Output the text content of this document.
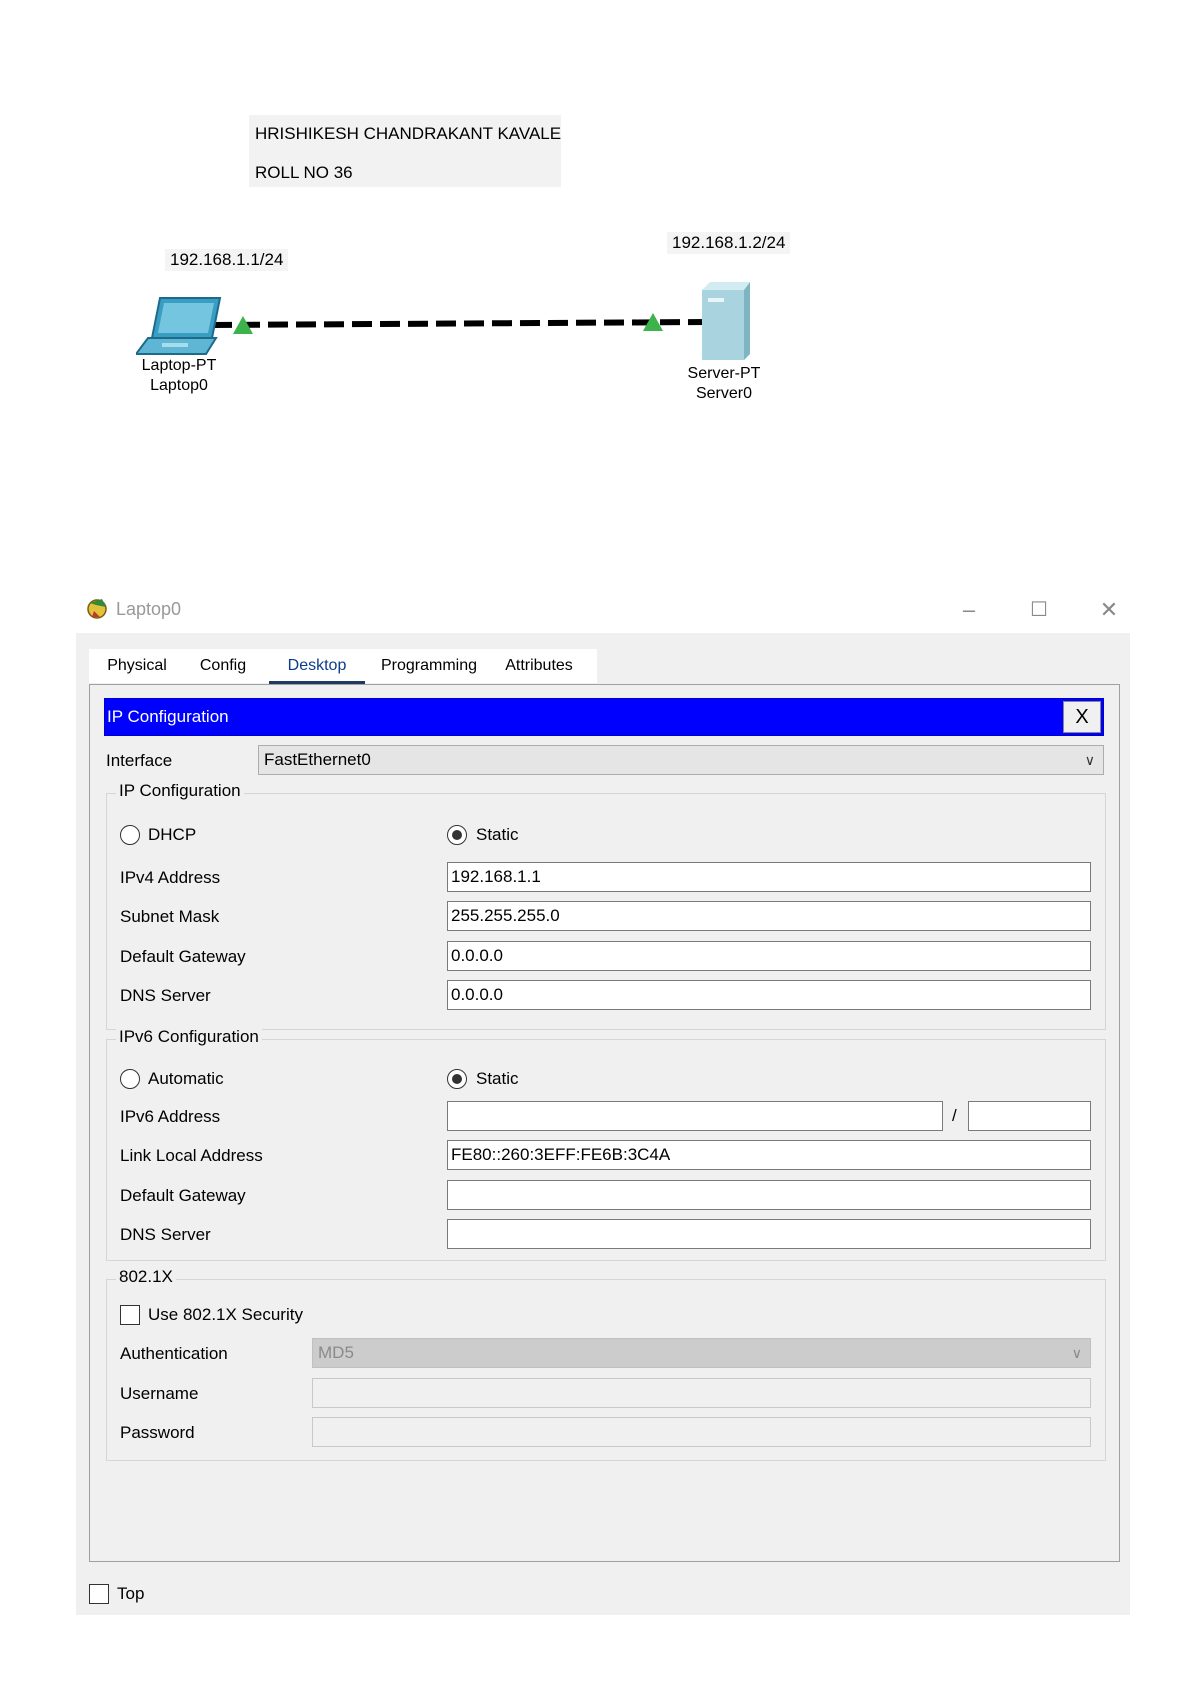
HRISHIKESH CHANDRAKANT KAVALE
ROLL NO 36
192.168.1.1/24
192.168.1.2/24
Laptop-PT
Laptop0
Server-PT
Server0
Laptop0	–	☐	✕
Physical	Config	Desktop	Programming	Attributes
IP Configuration	X
Interface	FastEthernet0	∨
IP Configuration
DHCP	Static
IPv4 Address	192.168.1.1
Subnet Mask	255.255.255.0
Default Gateway	0.0.0.0
DNS Server	0.0.0.0
IPv6 Configuration
Automatic	Static
IPv6 Address	/
Link Local Address	FE80::260:3EFF:FE6B:3C4A
Default Gateway
DNS Server
802.1X
Use 802.1X Security
Authentication	MD5	∨
Username
Password
Top
